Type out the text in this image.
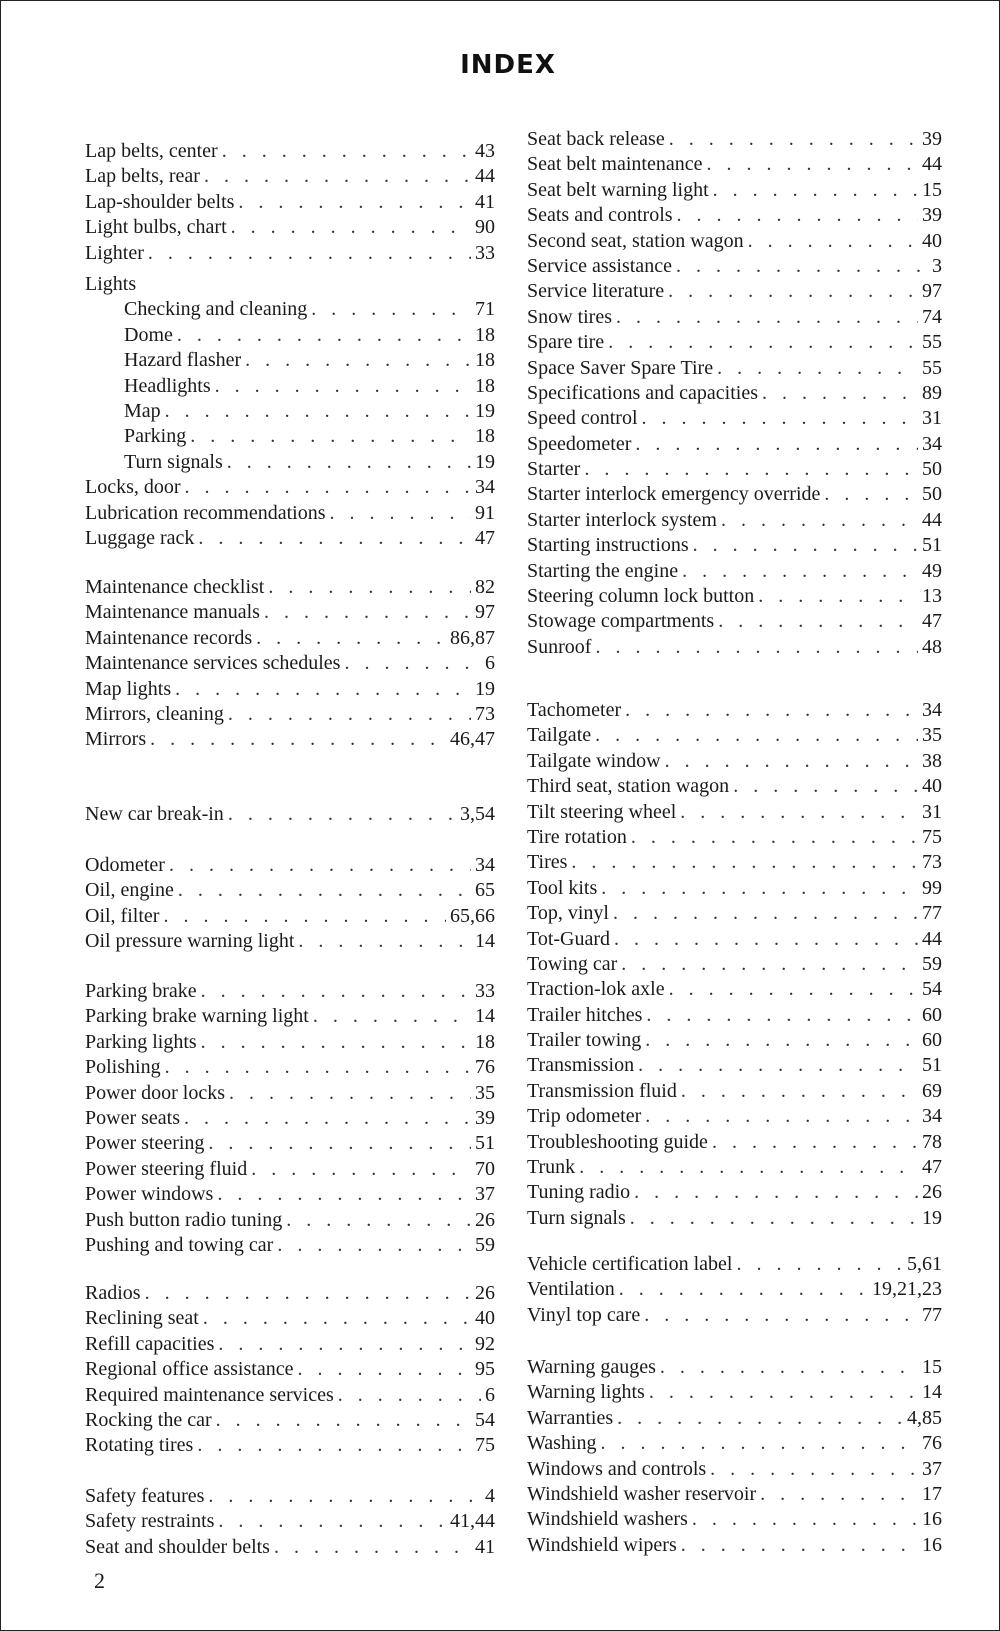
INDEX
Lap belts, center . . .	43
Lap belts, rear . . .	44
Lap-shoulder belts . . .	41
Light bulbs, chart . . .	90
Lighter . . .	33
Lights
Checking and cleaning . . .	71
Dome . . .	18
Hazard flasher . . .	18
Headlights . . .	18
Map . . .	19
Parking . . .	18
Turn signals . . .	19
Locks, door . . .	34
Lubrication recommendations . . .	91
Luggage rack . . .	47
Maintenance checklist . . .	82
Maintenance manuals . . .	97
Maintenance records . . .	86,87
Maintenance services schedules . . .	6
Map lights . . .	19
Mirrors, cleaning . . .	73
Mirrors . . .	46,47
New car break-in . . .	3,54
Odometer . . .	34
Oil, engine . . .	65
Oil, filter . . .	65,66
Oil pressure warning light . . .	14
Parking brake . . .	33
Parking brake warning light . . .	14
Parking lights . . .	18
Polishing . . .	76
Power door locks . . .	35
Power seats . . .	39
Power steering . . .	51
Power steering fluid . . .	70
Power windows . . .	37
Push button radio tuning . . .	26
Pushing and towing car . . .	59
Radios . . .	26
Reclining seat . . .	40
Refill capacities . . .	92
Regional office assistance . . .	95
Required maintenance services . . .	6
Rocking the car . . .	54
Rotating tires . . .	75
Safety features . . .	4
Safety restraints . . .	41,44
Seat and shoulder belts . . .	41
Seat back release . . .	39
Seat belt maintenance . . .	44
Seat belt warning light . . .	15
Seats and controls . . .	39
Second seat, station wagon . . .	40
Service assistance . . .	3
Service literature . . .	97
Snow tires . . .	74
Spare tire . . .	55
Space Saver Spare Tire . . .	55
Specifications and capacities . . .	89
Speed control . . .	31
Speedometer . . .	34
Starter . . .	50
Starter interlock emergency override . . .	50
Starter interlock system . . .	44
Starting instructions . . .	51
Starting the engine . . .	49
Steering column lock button . . .	13
Stowage compartments . . .	47
Sunroof . . .	48
Tachometer . . .	34
Tailgate . . .	35
Tailgate window . . .	38
Third seat, station wagon . . .	40
Tilt steering wheel . . .	31
Tire rotation . . .	75
Tires . . .	73
Tool kits . . .	99
Top, vinyl . . .	77
Tot-Guard . . .	44
Towing car . . .	59
Traction-lok axle . . .	54
Trailer hitches . . .	60
Trailer towing . . .	60
Transmission . . .	51
Transmission fluid . . .	69
Trip odometer . . .	34
Troubleshooting guide . . .	78
Trunk . . .	47
Tuning radio . . .	26
Turn signals . . .	19
Vehicle certification label . . .	5,61
Ventilation . . .	19,21,23
Vinyl top care . . .	77
Warning gauges . . .	15
Warning lights . . .	14
Warranties . . .	4,85
Washing . . .	76
Windows and controls . . .	37
Windshield washer reservoir . . .	17
Windshield washers . . .	16
Windshield wipers . . .	16
2
